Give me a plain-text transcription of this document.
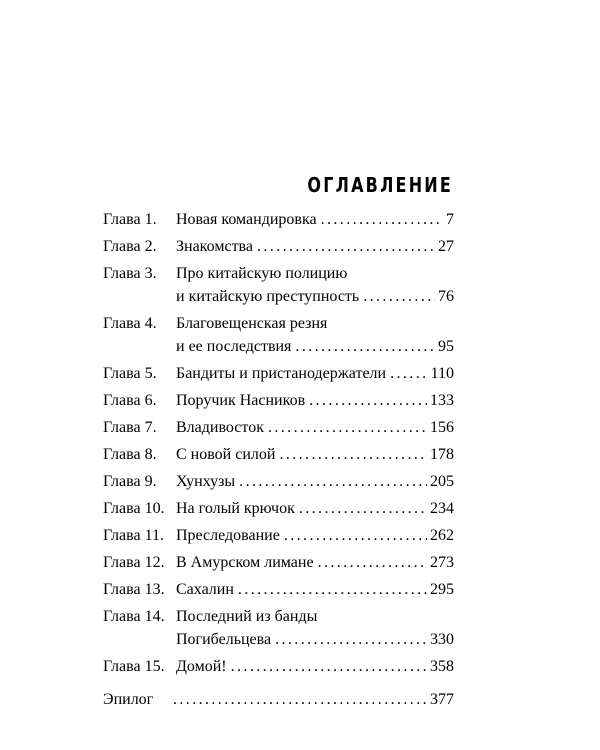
ОГЛАВЛЕНИЕ
Глава 1.	Новая командировка .....	7
Глава 2.	Знакомства .....	27
Глава 3.	Про китайскую полицию
и китайскую преступность .....	76
Глава 4.	Благовещенская резня
и ее последствия .....	95
Глава 5.	Бандиты и пристанодержатели .....	110
Глава 6.	Поручик Насников .....	133
Глава 7.	Владивосток .....	156
Глава 8.	С новой силой .....	178
Глава 9.	Хунхузы .....	205
Глава 10. На голый крючок .....	234
Глава 11. Преследование .....	262
Глава 12. В Амурском лимане .....	273
Глава 13. Сахалин .....	295
Глава 14. Последний из банды
Погибельцева .....	330
Глава 15. Домой! .....	358
Эпилог .....	377
